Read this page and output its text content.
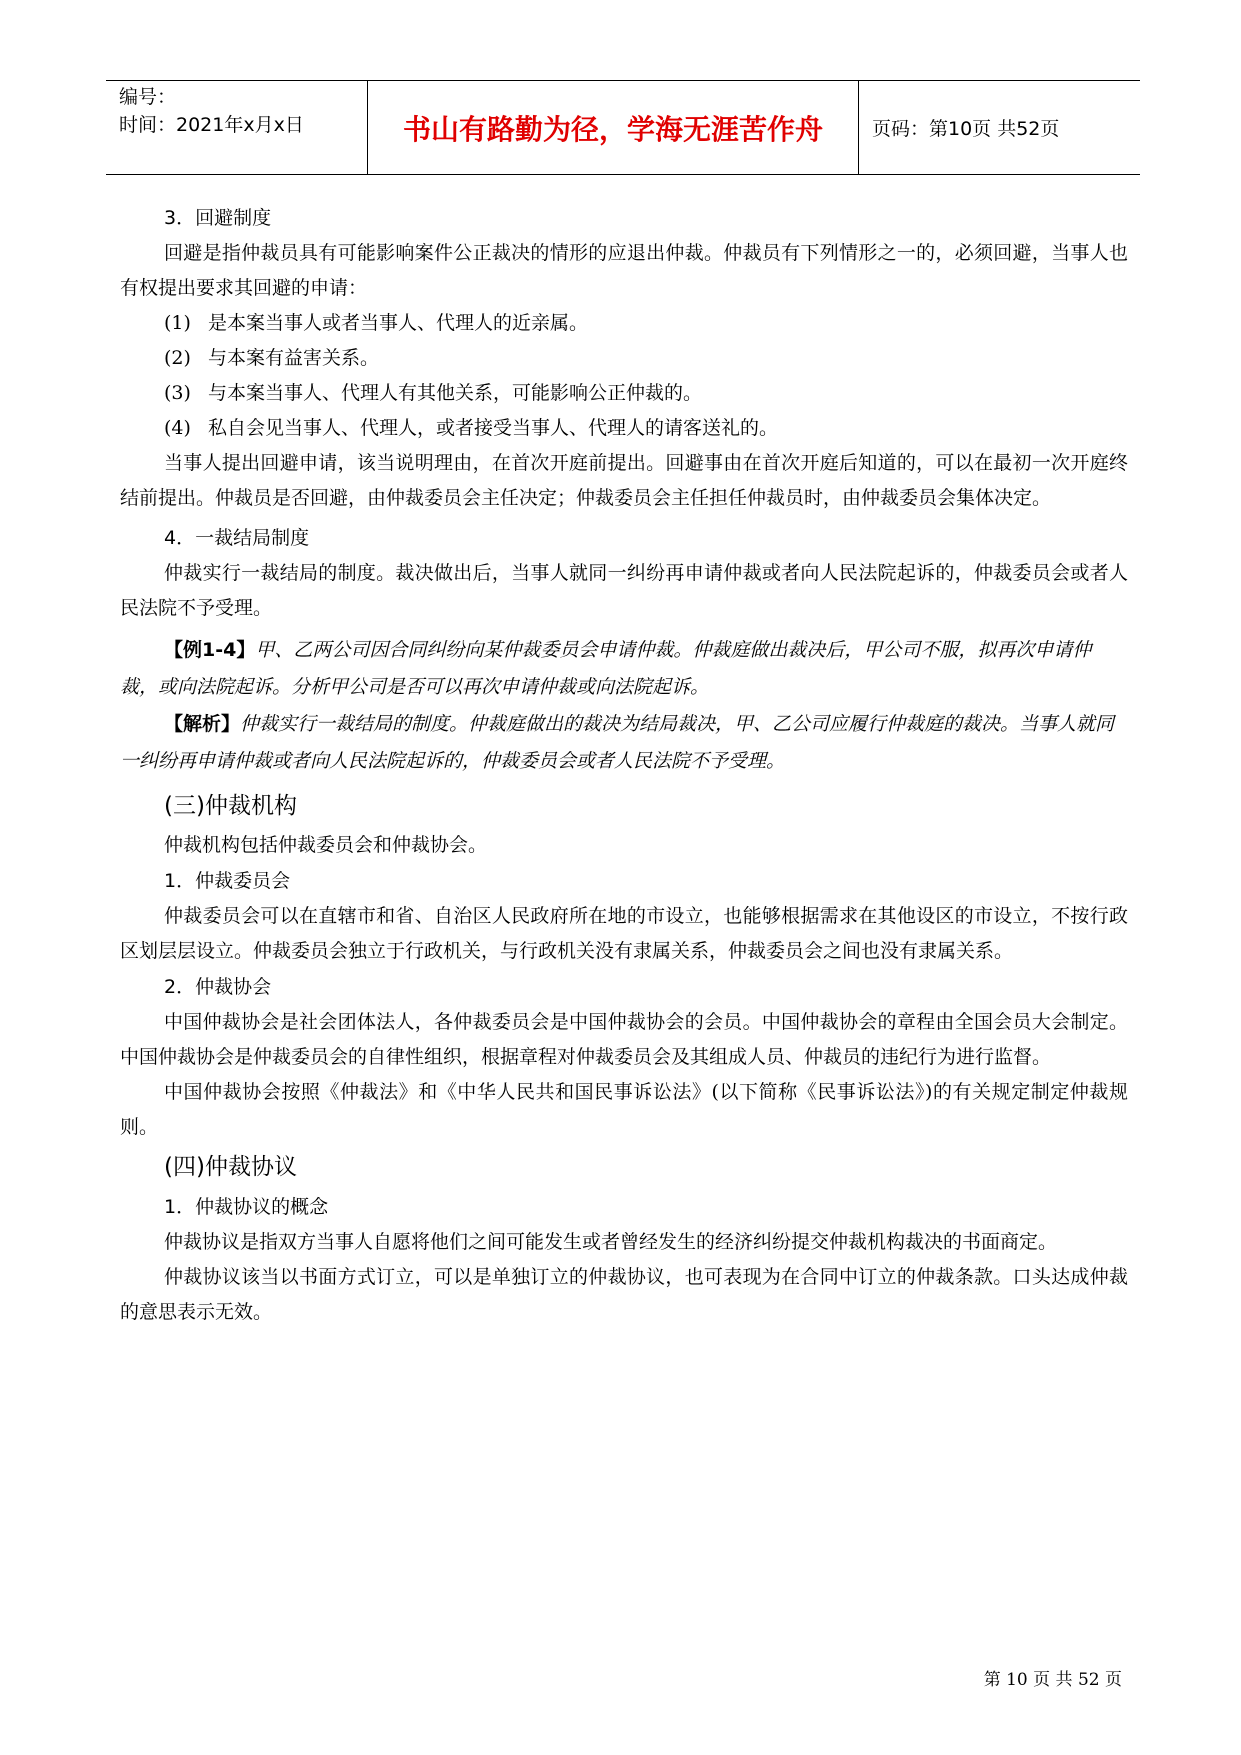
编号：
时间：2021年x月x日	书山有路勤为径，学海无涯苦作舟	页码：第10页 共52页
3．回避制度

回避是指仲裁员具有可能影响案件公正裁决的情形的应退出仲裁。仲裁员有下列情形之一的，必须回避，当事人也有权提出要求其回避的申请：

(1) 是本案当事人或者当事人、代理人的近亲属。
(2) 与本案有益害关系。
(3) 与本案当事人、代理人有其他关系，可能影响公正仲裁的。
(4) 私自会见当事人、代理人，或者接受当事人、代理人的请客送礼的。

当事人提出回避申请，该当说明理由，在首次开庭前提出。回避事由在首次开庭后知道的，可以在最初一次开庭终结前提出。仲裁员是否回避，由仲裁委员会主任决定；仲裁委员会主任担任仲裁员时，由仲裁委员会集体决定。

4．一裁结局制度

仲裁实行一裁结局的制度。裁决做出后，当事人就同一纠纷再申请仲裁或者向人民法院起诉的，仲裁委员会或者人民法院不予受理。

【例1-4】甲、乙两公司因合同纠纷向某仲裁委员会申请仲裁。仲裁庭做出裁决后，甲公司不服，拟再次申请仲裁，或向法院起诉。分析甲公司是否可以再次申请仲裁或向法院起诉。

【解析】仲裁实行一裁结局的制度。仲裁庭做出的裁决为结局裁决，甲、乙公司应履行仲裁庭的裁决。当事人就同一纠纷再申请仲裁或者向人民法院起诉的，仲裁委员会或者人民法院不予受理。

(三)仲裁机构

仲裁机构包括仲裁委员会和仲裁协会。

1．仲裁委员会

仲裁委员会可以在直辖市和省、自治区人民政府所在地的市设立，也能够根据需求在其他设区的市设立，不按行政区划层层设立。仲裁委员会独立于行政机关，与行政机关没有隶属关系，仲裁委员会之间也没有隶属关系。

2．仲裁协会

中国仲裁协会是社会团体法人，各仲裁委员会是中国仲裁协会的会员。中国仲裁协会的章程由全国会员大会制定。中国仲裁协会是仲裁委员会的自律性组织，根据章程对仲裁委员会及其组成人员、仲裁员的违纪行为进行监督。

中国仲裁协会按照《仲裁法》和《中华人民共和国民事诉讼法》(以下简称《民事诉讼法》)的有关规定制定仲裁规则。

(四)仲裁协议
1．仲裁协议的概念

仲裁协议是指双方当事人自愿将他们之间可能发生或者曾经发生的经济纠纷提交仲裁机构裁决的书面商定。

仲裁协议该当以书面方式订立，可以是单独订立的仲裁协议，也可表现为在合同中订立的仲裁条款。口头达成仲裁的意思表示无效。

第 10 页 共 52 页
